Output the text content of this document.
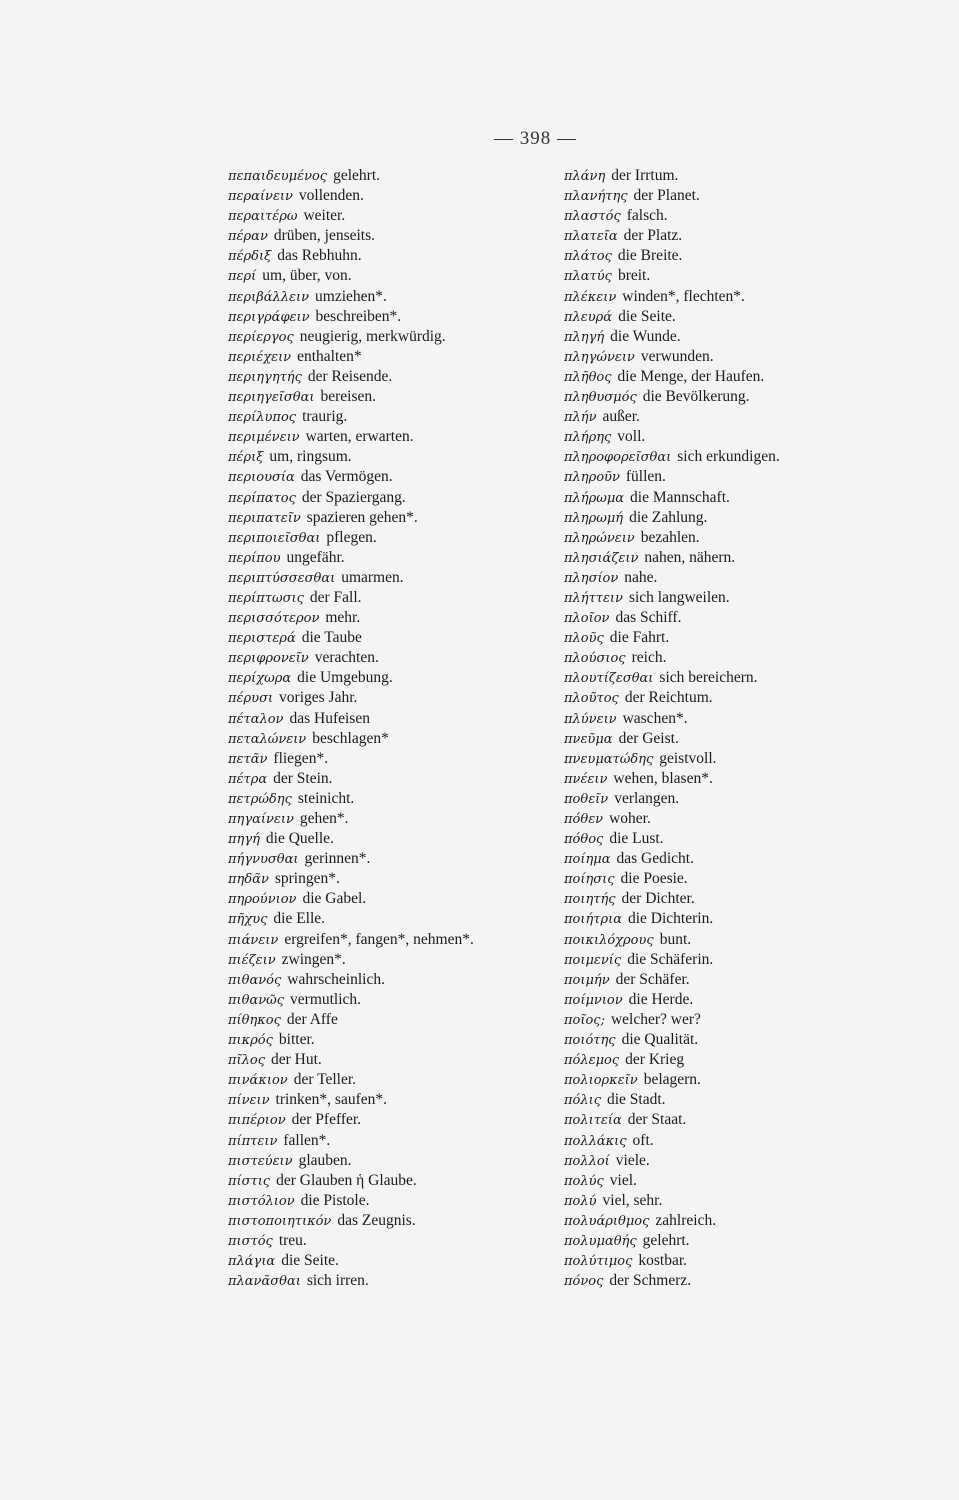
— 398 —
πεπαιδευμένος gelehrt.
περαίνειν vollenden.
περαιτέρω weiter.
πέραν drüben, jenseits.
πέρδιξ das Rebhuhn.
περί um, über, von.
περιβάλλειν umziehen*.
περιγράφειν beschreiben*.
περίεργος neugierig, merkwürdig.
περιέχειν enthalten*
περιηγητής der Reisende.
περιηγεῖσθαι bereisen.
περίλυπος traurig.
περιμένειν warten, erwarten.
πέριξ um, ringsum.
περιουσία das Vermögen.
περίπατος der Spaziergang.
περιπατεῖν spazieren gehen*.
περιποιεῖσθαι pflegen.
περίπου ungefähr.
περιπτύσσεσθαι umarmen.
περίπτωσις der Fall.
περισσότερον mehr.
περιστερά die Taube
περιφρονεῖν verachten.
περίχωρα die Umgebung.
πέρυσι voriges Jahr.
πέταλον das Hufeisen
πεταλώνειν beschlagen*
πετᾶν fliegen*.
πέτρα der Stein.
πετρώδης steinicht.
πηγαίνειν gehen*.
πηγή die Quelle.
πήγνυσθαι gerinnen*.
πηδᾶν springen*.
πηρούνιον die Gabel.
πῆχυς die Elle.
πιάνειν ergreifen*, fangen*, nehmen*.
πιέζειν zwingen*.
πιθανός wahrscheinlich.
πιθανῶς vermutlich.
πίθηκος der Affe
πικρός bitter.
πῖλος der Hut.
πινάκιον der Teller.
πίνειν trinken*, saufen*.
πιπέριον der Pfeffer.
πίπτειν fallen*.
πιστεύειν glauben.
πίστις der Glauben ἡ Glaube.
πιστόλιον die Pistole.
πιστοποιητικόν das Zeugnis.
πιστός treu.
πλάγια die Seite.
πλανᾶσθαι sich irren.
πλάνη der Irrtum.
πλανήτης der Planet.
πλαστός falsch.
πλατεῖα der Platz.
πλάτος die Breite.
πλατύς breit.
πλέκειν winden*, flechten*.
πλευρά die Seite.
πληγή die Wunde.
πληγώνειν verwunden.
πλῆθος die Menge, der Haufen.
πληθυσμός die Bevölkerung.
πλήν außer.
πλήρης voll.
πληροφορεῖσθαι sich erkundigen.
πληροῦν füllen.
πλήρωμα die Mannschaft.
πληρωμή die Zahlung.
πληρώνειν bezahlen.
πλησιάζειν nahen, nähern.
πλησίον nahe.
πλήττειν sich langweilen.
πλοῖον das Schiff.
πλοῦς die Fahrt.
πλούσιος reich.
πλουτίζεσθαι sich bereichern.
πλοῦτος der Reichtum.
πλύνειν waschen*.
πνεῦμα der Geist.
πνευματώδης geistvoll.
πνέειν wehen, blasen*.
ποθεῖν verlangen.
πόθεν woher.
πόθος die Lust.
ποίημα das Gedicht.
ποίησις die Poesie.
ποιητής der Dichter.
ποιήτρια die Dichterin.
ποικιλόχρους bunt.
ποιμενίς die Schäferin.
ποιμήν der Schäfer.
ποίμνιον die Herde.
ποῖος; welcher? wer?
ποιότης die Qualität.
πόλεμος der Krieg
πολιορκεῖν belagern.
πόλις die Stadt.
πολιτεία der Staat.
πολλάκις oft.
πολλοί viele.
πολύς viel.
πολύ viel, sehr.
πολυάριθμος zahlreich.
πολυμαθής gelehrt.
πολύτιμος kostbar.
πόνος der Schmerz.
